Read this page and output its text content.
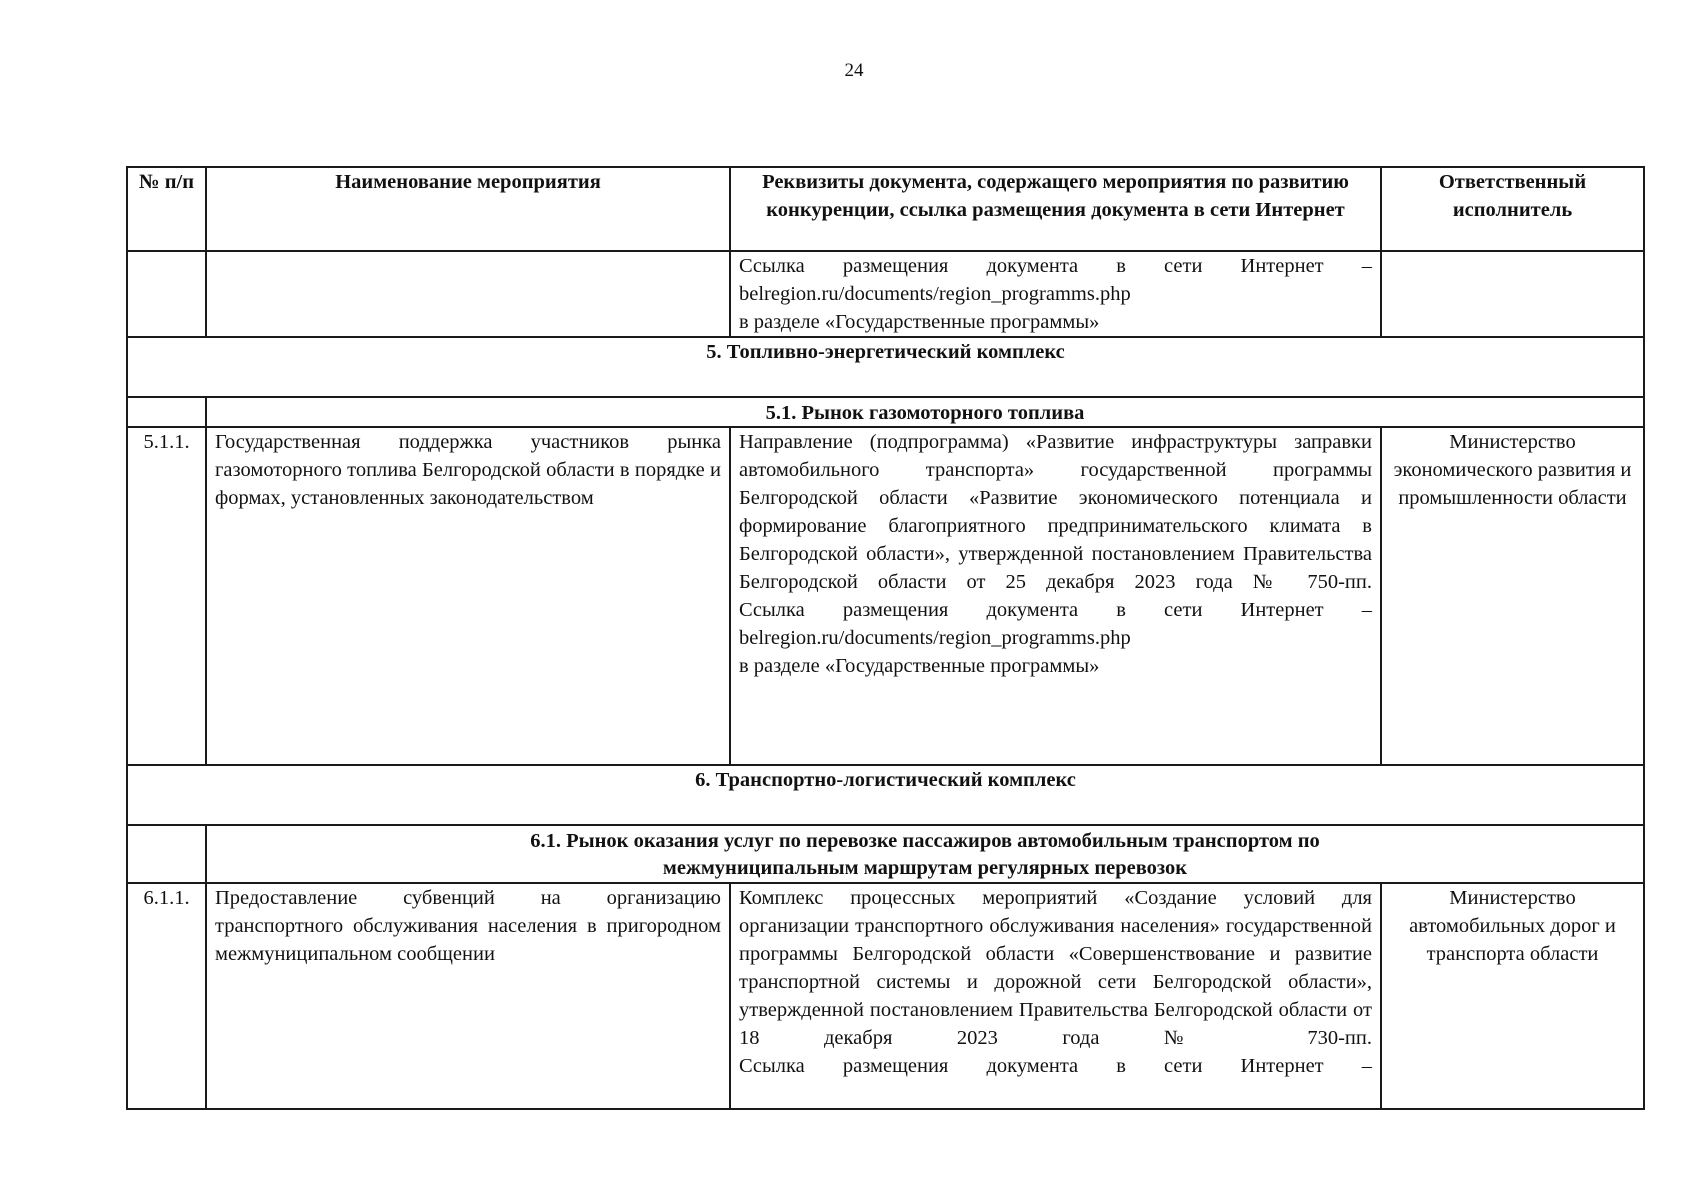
24
№ п/п	Наименование мероприятия	Реквизиты документа, содержащего мероприятия по развитию конкуренции, ссылка размещения документа в сети Интернет	Ответственный исполнитель

		Ссылка размещения документа в сети Интернет –
belregion.ru/documents/region_programms.php
в разделе «Государственные программы»	

5. Топливно-энергетический комплекс			
	5.1. Рынок газомоторного топлива		
5.1.1.	Государственная поддержка участников рынка газомоторного топлива Белгородской области в порядке и формах, установленных законодательством	Направление (подпрограмма) «Развитие инфраструктуры заправки автомобильного транспорта» государственной программы Белгородской области «Развитие экономического потенциала и формирование благоприятного предпринимательского климата в Белгородской области», утвержденной постановлением Правительства Белгородской области от 25 декабря 2023 года № 750-пп.
Ссылка размещения документа в сети Интернет –
belregion.ru/documents/region_programms.php
в разделе «Государственные программы»	Министерство экономического развития и промышленности области
6. Транспортно-логистический комплекс			
	6.1. Рынок оказания услуг по перевозке пассажиров автомобильным транспортом по межмуниципальным маршрутам регулярных перевозок		
6.1.1.	Предоставление субвенций на организацию транспортного обслуживания населения в пригородном межмуниципальном сообщении	Комплекс процессных мероприятий «Создание условий для организации транспортного обслуживания населения» государственной программы Белгородской области «Совершенствование и развитие транспортной системы и дорожной сети Белгородской области», утвержденной постановлением Правительства Белгородской области от 18 декабря 2023 года № 730-пп.
Ссылка размещения документа в сети Интернет –	Министерство автомобильных дорог и транспорта области
